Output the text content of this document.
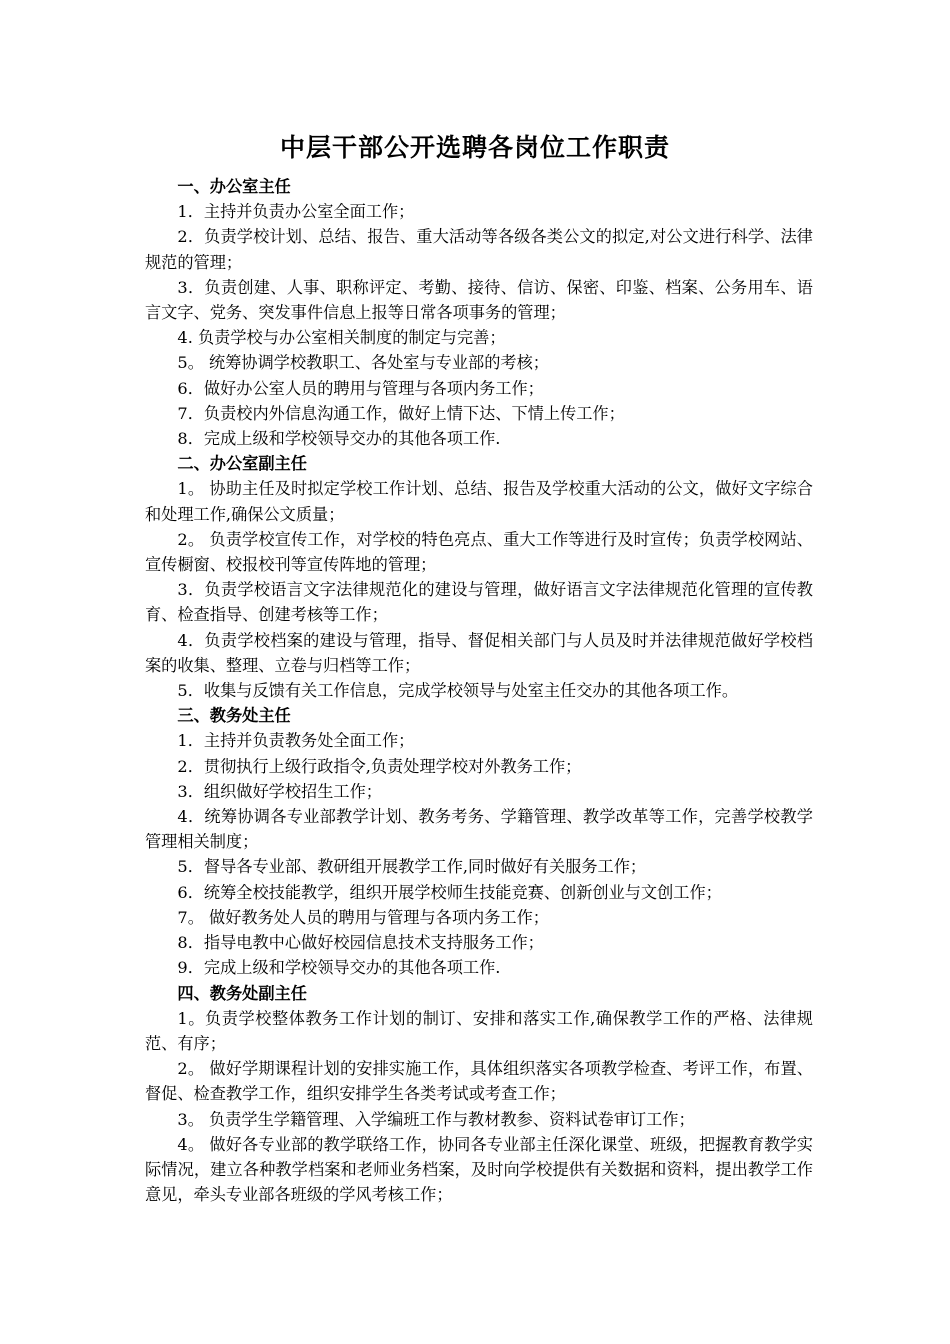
中层干部公开选聘各岗位工作职责

一、办公室主任

1．主持并负责办公室全面工作；

2．负责学校计划、总结、报告、重大活动等各级各类公文的拟定,对公文进行科学、法律规范的管理；

3．负责创建、人事、职称评定、考勤、接待、信访、保密、印鉴、档案、公务用车、语言文字、党务、突发事件信息上报等日常各项事务的管理；

4. 负责学校与办公室相关制度的制定与完善；

5。 统筹协调学校教职工、各处室与专业部的考核；

6．做好办公室人员的聘用与管理与各项内务工作；

7．负责校内外信息沟通工作，做好上情下达、下情上传工作；

8．完成上级和学校领导交办的其他各项工作.

二、办公室副主任

1。 协助主任及时拟定学校工作计划、总结、报告及学校重大活动的公文，做好文字综合和处理工作,确保公文质量；

2。 负责学校宣传工作，对学校的特色亮点、重大工作等进行及时宣传；负责学校网站、宣传橱窗、校报校刊等宣传阵地的管理；

3．负责学校语言文字法律规范化的建设与管理，做好语言文字法律规范化管理的宣传教育、检查指导、创建考核等工作；

4．负责学校档案的建设与管理，指导、督促相关部门与人员及时并法律规范做好学校档案的收集、整理、立卷与归档等工作；

5．收集与反馈有关工作信息，完成学校领导与处室主任交办的其他各项工作。

三、教务处主任

1．主持并负责教务处全面工作；

2．贯彻执行上级行政指令,负责处理学校对外教务工作；

3．组织做好学校招生工作；

4．统筹协调各专业部教学计划、教务考务、学籍管理、教学改革等工作，完善学校教学管理相关制度；

5．督导各专业部、教研组开展教学工作,同时做好有关服务工作；

6．统筹全校技能教学，组织开展学校师生技能竞赛、创新创业与文创工作；

7。 做好教务处人员的聘用与管理与各项内务工作；

8．指导电教中心做好校园信息技术支持服务工作；

9．完成上级和学校领导交办的其他各项工作.

四、教务处副主任

1。负责学校整体教务工作计划的制订、安排和落实工作,确保教学工作的严格、法律规范、有序；

2。 做好学期课程计划的安排实施工作，具体组织落实各项教学检查、考评工作，布置、督促、检查教学工作，组织安排学生各类考试或考查工作；

3。 负责学生学籍管理、入学编班工作与教材教参、资料试卷审订工作；

4。 做好各专业部的教学联络工作，协同各专业部主任深化课堂、班级，把握教育教学实际情况，建立各种教学档案和老师业务档案，及时向学校提供有关数据和资料，提出教学工作意见，牵头专业部各班级的学风考核工作；
